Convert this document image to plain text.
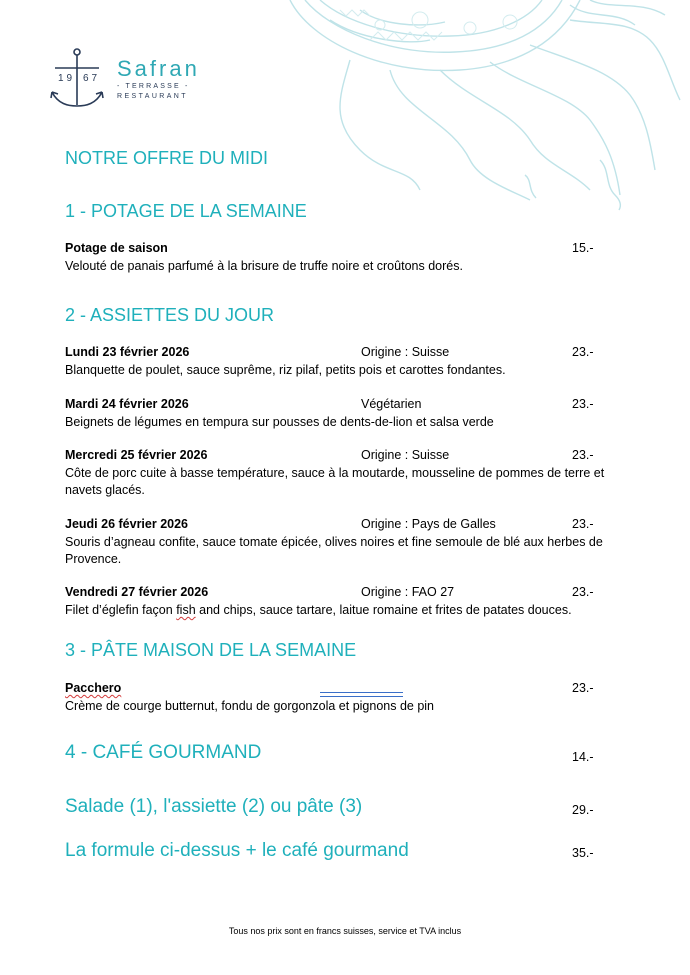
19 67 Safran
- TERRASSE -
RESTAURANT
NOTRE OFFRE DU MIDI
1 - POTAGE DE LA SEMAINE
Potage de saison	15.-
Velouté de panais parfumé à la brisure de truffe noire et croûtons dorés.
2 - ASSIETTES DU JOUR
Lundi 23 février 2026	Origine : Suisse	23.-
Blanquette de poulet, sauce suprême, riz pilaf, petits pois et carottes fondantes.
Mardi 24 février 2026	Végétarien	23.-
Beignets de légumes en tempura sur pousses de dents-de-lion et salsa verde
Mercredi 25 février 2026	Origine : Suisse	23.-
Côte de porc cuite à basse température, sauce à la moutarde, mousseline de pommes de terre et navets glacés.
Jeudi 26 février 2026	Origine : Pays de Galles	23.-
Souris d’agneau confite, sauce tomate épicée, olives noires et fine semoule de blé aux herbes de Provence.
Vendredi 27 février 2026	Origine : FAO 27	23.-
Filet d’églefin façon fish and chips, sauce tartare, laitue romaine et frites de patates douces.
3 - PÂTE MAISON DE LA SEMAINE
Pacchero	23.-
Crème de courge butternut, fondu de gorgonzola et pignons de pin
4 - CAFÉ GOURMAND	14.-
Salade (1), l'assiette (2) ou pâte (3)	29.-
La formule ci-dessus + le café gourmand	35.-
Tous nos prix sont en francs suisses, service et TVA inclus
